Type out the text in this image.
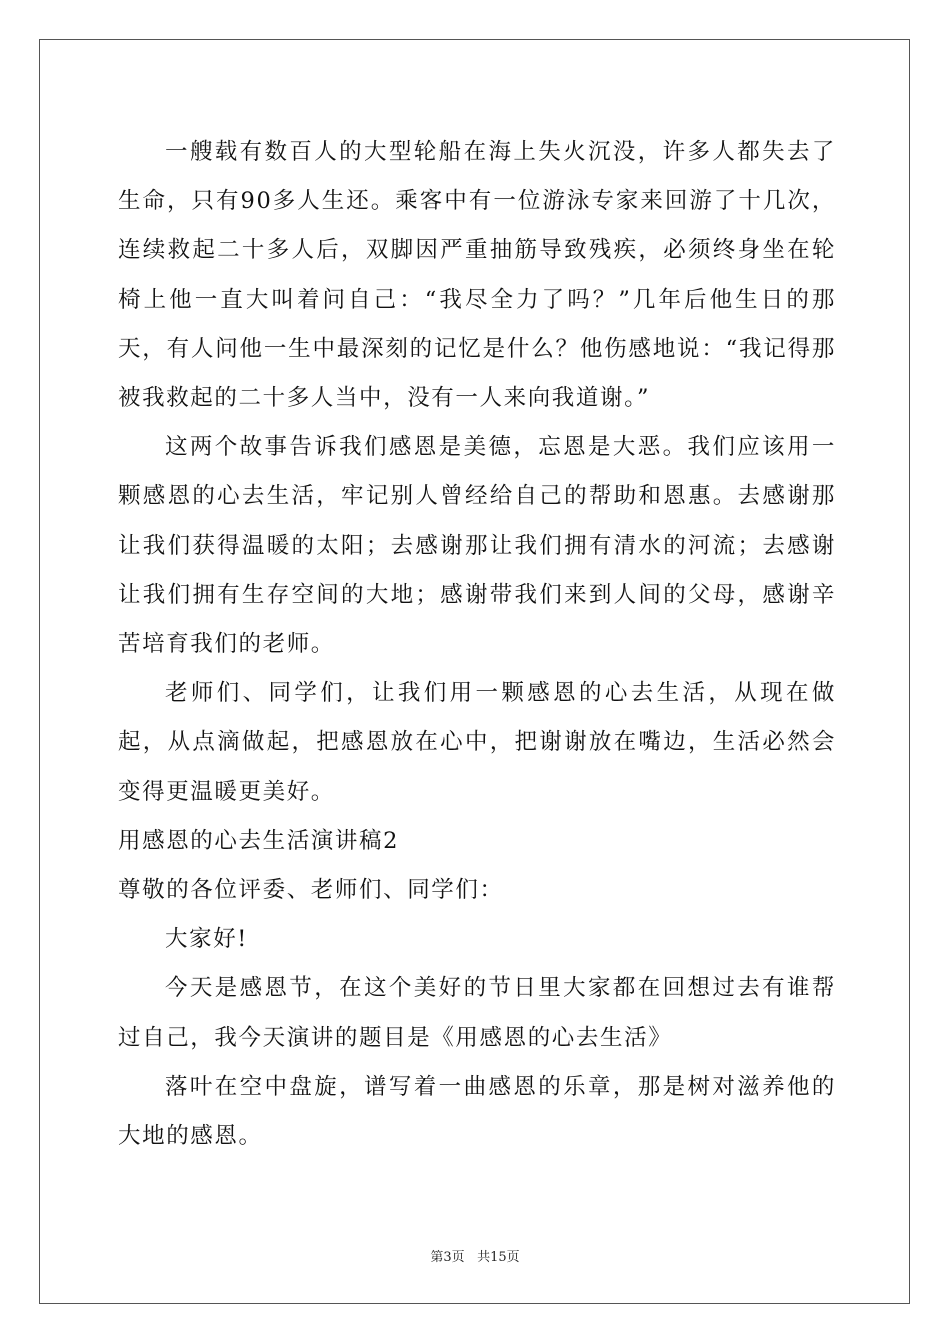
一艘载有数百人的大型轮船在海上失火沉没，许多人都失去了生命，只有90多人生还。乘客中有一位游泳专家来回游了十几次，连续救起二十多人后，双脚因严重抽筋导致残疾，必须终身坐在轮椅上他一直大叫着问自己：“我尽全力了吗？”几年后他生日的那天，有人问他一生中最深刻的记忆是什么？他伤感地说：“我记得那被我救起的二十多人当中，没有一人来向我道谢。”

这两个故事告诉我们感恩是美德，忘恩是大恶。我们应该用一颗感恩的心去生活，牢记别人曾经给自己的帮助和恩惠。去感谢那让我们获得温暖的太阳；去感谢那让我们拥有清水的河流；去感谢让我们拥有生存空间的大地；感谢带我们来到人间的父母，感谢辛苦培育我们的老师。

老师们、同学们，让我们用一颗感恩的心去生活，从现在做起，从点滴做起，把感恩放在心中，把谢谢放在嘴边，生活必然会变得更温暖更美好。

用感恩的心去生活演讲稿2

尊敬的各位评委、老师们、同学们：

大家好!

今天是感恩节，在这个美好的节日里大家都在回想过去有谁帮过自己，我今天演讲的题目是《用感恩的心去生活》

落叶在空中盘旋，谱写着一曲感恩的乐章，那是树对滋养他的大地的感恩。

第3页 共15页
